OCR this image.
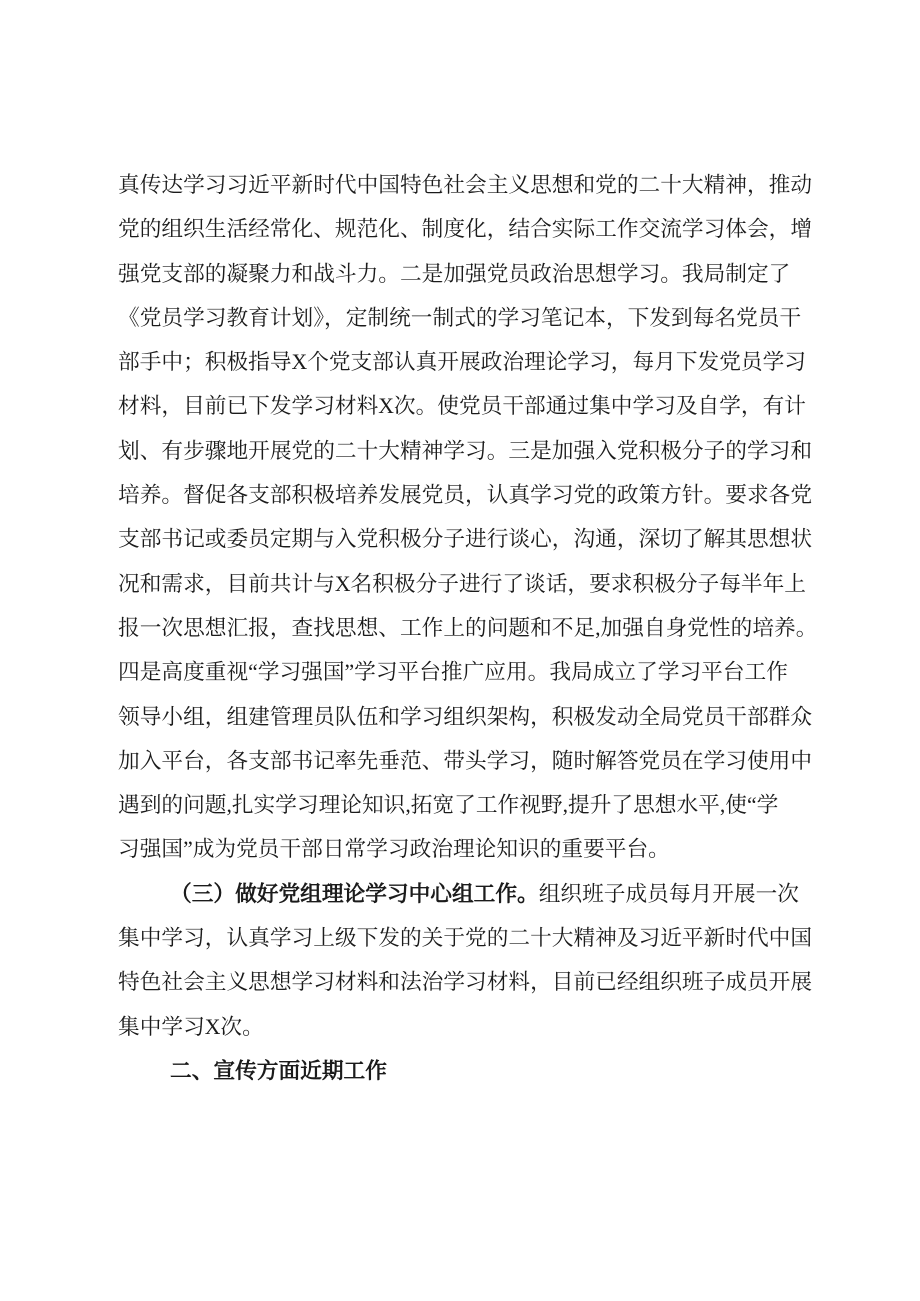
真传达学习习近平新时代中国特色社会主义思想和党的二十大精神，推动
党的组织生活经常化、规范化、制度化，结合实际工作交流学习体会，增
强党支部的凝聚力和战斗力。二是加强党员政治思想学习。我局制定了
《党员学习教育计划》，定制统一制式的学习笔记本，下发到每名党员干
部手中；积极指导X个党支部认真开展政治理论学习，每月下发党员学习
材料，目前已下发学习材料X次。使党员干部通过集中学习及自学，有计
划、有步骤地开展党的二十大精神学习。三是加强入党积极分子的学习和
培养。督促各支部积极培养发展党员，认真学习党的政策方针。要求各党
支部书记或委员定期与入党积极分子进行谈心，沟通，深切了解其思想状
况和需求，目前共计与X名积极分子进行了谈话，要求积极分子每半年上
报一次思想汇报，查找思想、工作上的问题和不足,加强自身党性的培养。
四是高度重视“学习强国”学习平台推广应用。我局成立了学习平台工作
领导小组，组建管理员队伍和学习组织架构，积极发动全局党员干部群众
加入平台，各支部书记率先垂范、带头学习，随时解答党员在学习使用中
遇到的问题,扎实学习理论知识,拓宽了工作视野,提升了思想水平,使“学
习强国”成为党员干部日常学习政治理论知识的重要平台。
（三）做好党组理论学习中心组工作。组织班子成员每月开展一次
集中学习，认真学习上级下发的关于党的二十大精神及习近平新时代中国
特色社会主义思想学习材料和法治学习材料，目前已经组织班子成员开展
集中学习X次。
二、宣传方面近期工作
